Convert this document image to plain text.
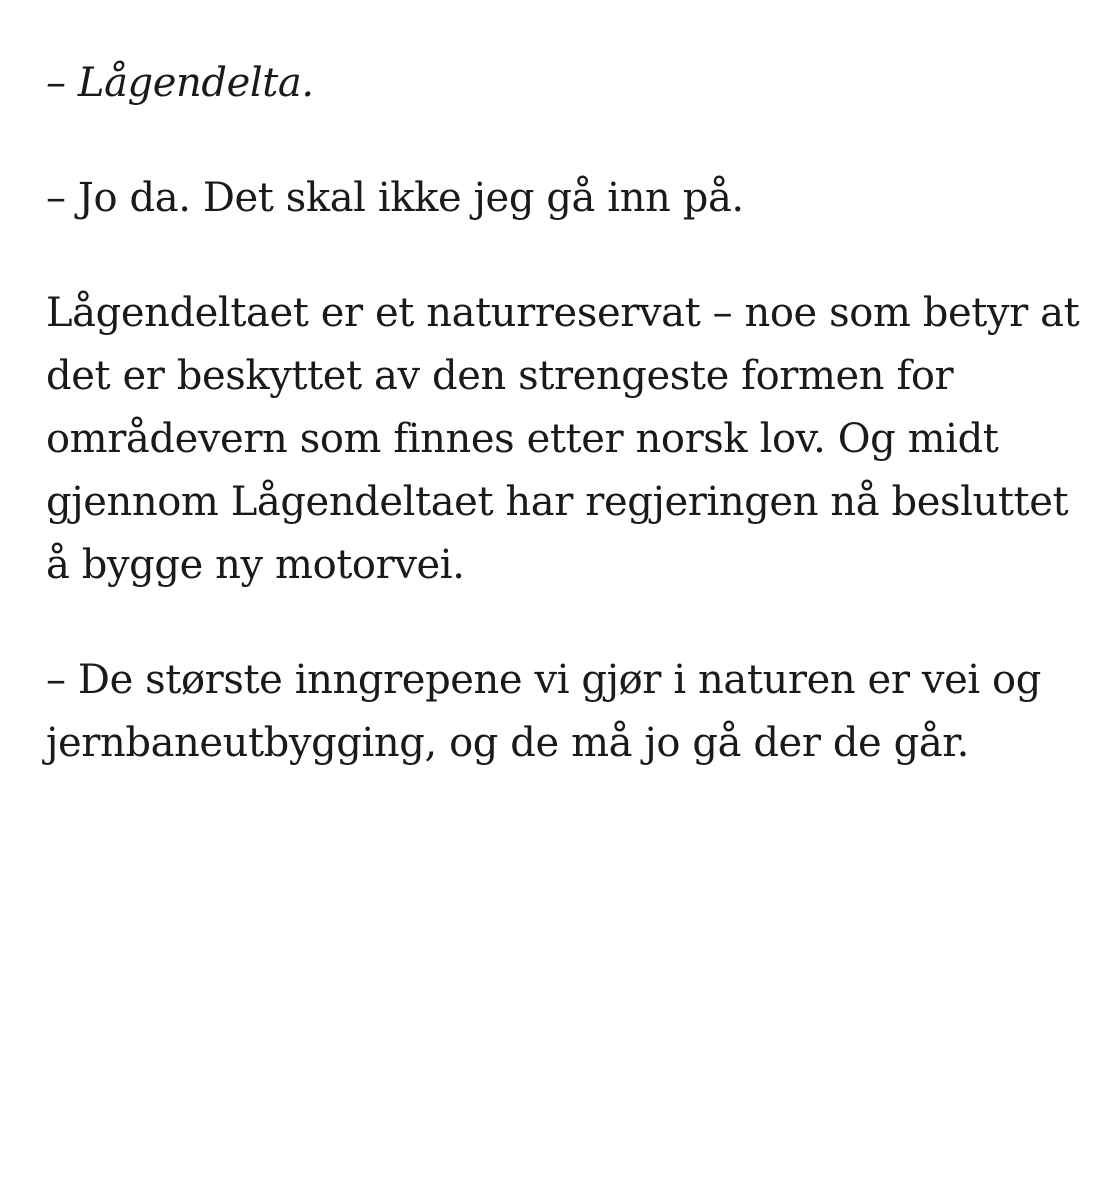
– Lågendelta.

– Jo da. Det skal ikke jeg gå inn på.

Lågendeltaet er et naturreservat – noe som betyr at det er beskyttet av den strengeste formen for områdevern som finnes etter norsk lov. Og midt gjennom Lågendeltaet har regjeringen nå besluttet å bygge ny motorvei.

– De største inngrepene vi gjør i naturen er vei og jernbaneutbygging, og de må jo gå der de går.
